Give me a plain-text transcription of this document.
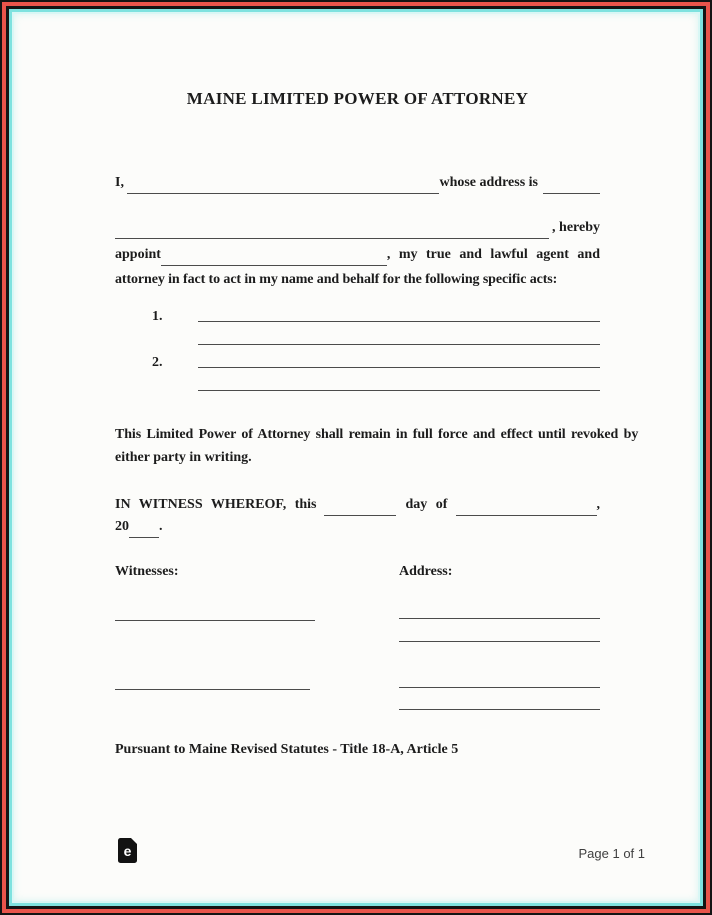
MAINE LIMITED POWER OF ATTORNEY
I,	whose address is
, hereby
appoint	, my true and lawful agent and
attorney in fact to act in my name and behalf for the following specific acts:
1.
2.
This Limited Power of Attorney shall remain in full force and effect until revoked by
either party in writing.
IN WITNESS WHEREOF, this	day of	,
20 .
Witnesses:	Address:
Pursuant to Maine Revised Statutes - Title 18-A, Article 5
e	Page 1 of 1
